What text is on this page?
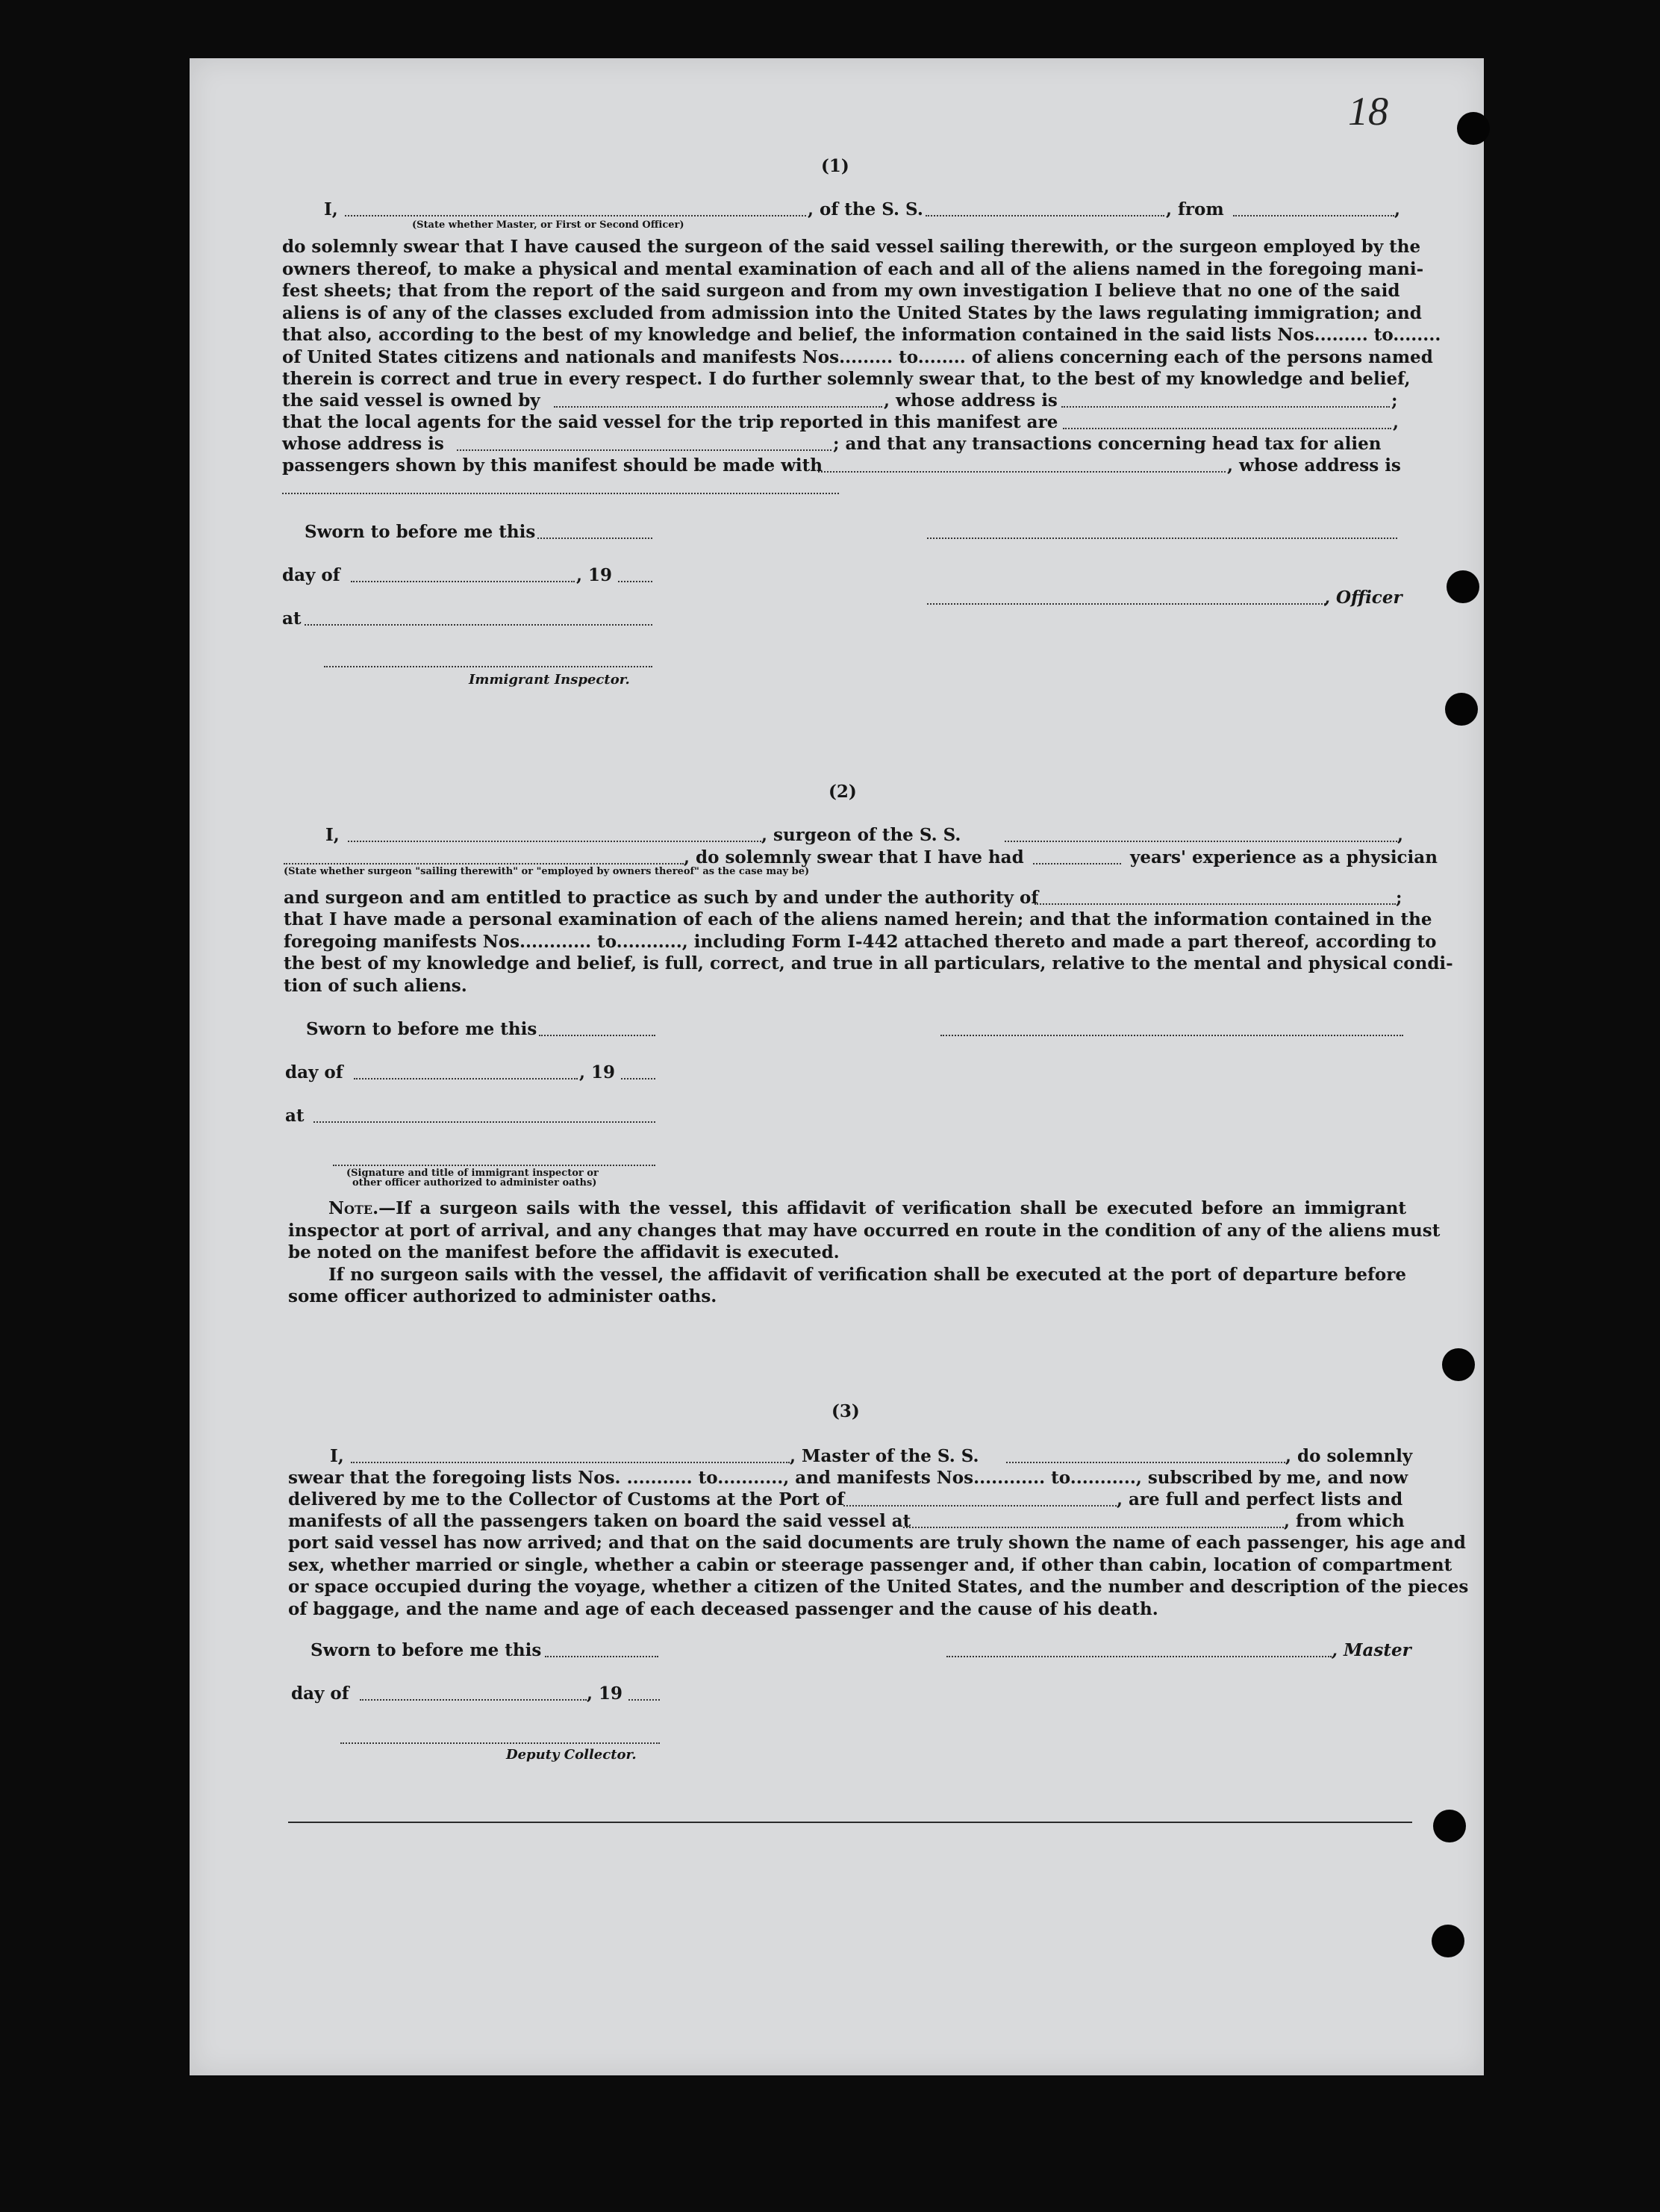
18
(1)
I,	, of the S. S.	, from	,
(State whether Master, or First or Second Officer)
do solemnly swear that I have caused the surgeon of the said vessel sailing therewith, or the surgeon employed by the
owners thereof, to make a physical and mental examination of each and all of the aliens named in the foregoing mani-
fest sheets; that from the report of the said surgeon and from my own investigation I believe that no one of the said
aliens is of any of the classes excluded from admission into the United States by the laws regulating immigration; and
that also, according to the best of my knowledge and belief, the information contained in the said lists Nos......... to........
of United States citizens and nationals and manifests Nos......... to........ of aliens concerning each of the persons named
therein is correct and true in every respect. I do further solemnly swear that, to the best of my knowledge and belief,
the said vessel is owned by	, whose address is	;
that the local agents for the said vessel for the trip reported in this manifest are	,
whose address is	; and that any transactions concerning head tax for alien
passengers shown by this manifest should be made with	, whose address is
Sworn to before me this
day of	, 19
, Officer
at
Immigrant Inspector.
(2)
I,	, surgeon of the S. S.	,
, do solemnly swear that I have had	years' experience as a physician
(State whether surgeon "sailing therewith" or "employed by owners thereof" as the case may be)
and surgeon and am entitled to practice as such by and under the authority of	;
that I have made a personal examination of each of the aliens named herein; and that the information contained in the
foregoing manifests Nos............ to..........., including Form I-442 attached thereto and made a part thereof, according to
the best of my knowledge and belief, is full, correct, and true in all particulars, relative to the mental and physical condi-
tion of such aliens.
Sworn to before me this
day of	, 19
at
(Signature and title of immigrant inspector or
other officer authorized to administer oaths)
Note.—If a surgeon sails with the vessel, this affidavit of verification shall be executed before an immigrant
inspector at port of arrival, and any changes that may have occurred en route in the condition of any of the aliens must
be noted on the manifest before the affidavit is executed.
If no surgeon sails with the vessel, the affidavit of verification shall be executed at the port of departure before
some officer authorized to administer oaths.
(3)
I,	, Master of the S. S.	, do solemnly
swear that the foregoing lists Nos. ........... to..........., and manifests Nos............ to..........., subscribed by me, and now
delivered by me to the Collector of Customs at the Port of	, are full and perfect lists and
manifests of all the passengers taken on board the said vessel at	, from which
port said vessel has now arrived; and that on the said documents are truly shown the name of each passenger, his age and
sex, whether married or single, whether a cabin or steerage passenger and, if other than cabin, location of compartment
or space occupied during the voyage, whether a citizen of the United States, and the number and description of the pieces
of baggage, and the name and age of each deceased passenger and the cause of his death.
Sworn to before me this	, Master
day of	, 19
Deputy Collector.
